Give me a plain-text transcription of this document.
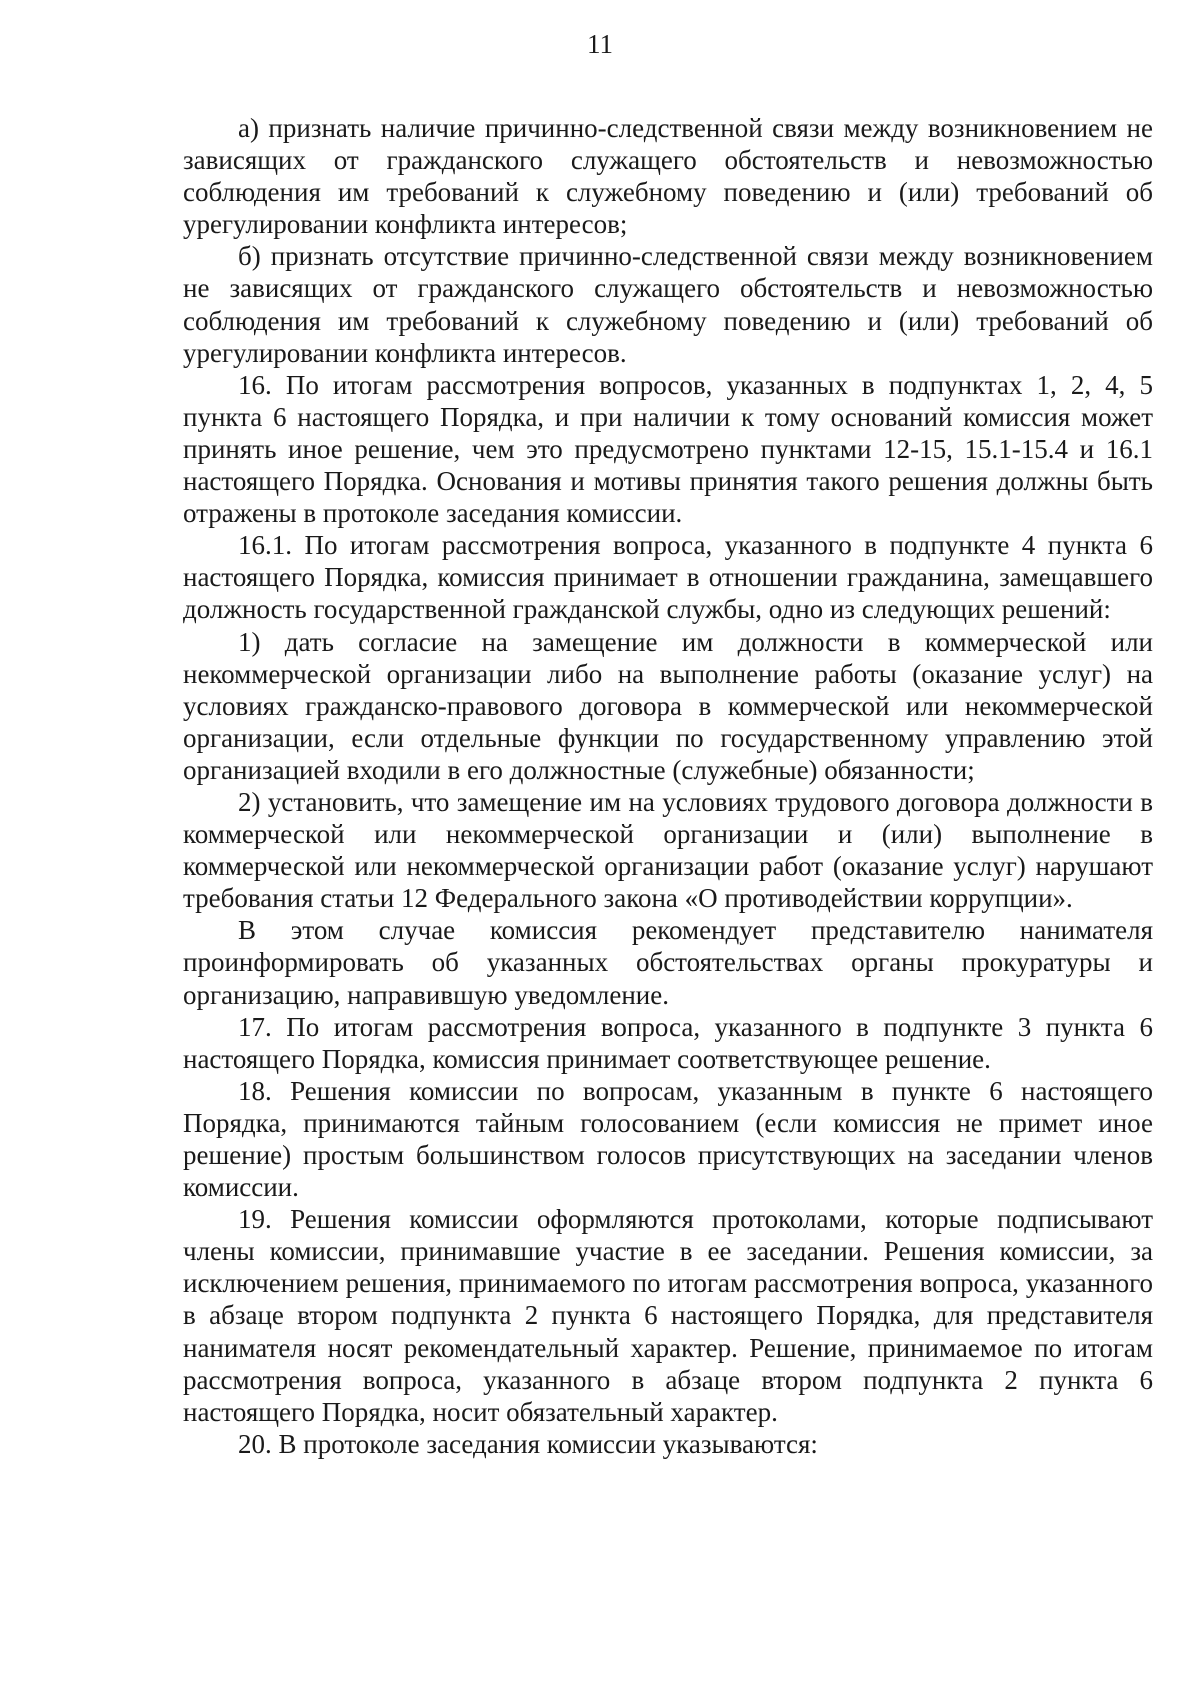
11

а) признать наличие причинно-следственной связи между возникновением не зависящих от гражданского служащего обстоятельств и невозможностью соблюдения им требований к служебному поведению и (или) требований об урегулировании конфликта интересов;

б) признать отсутствие причинно-следственной связи между возникновением не зависящих от гражданского служащего обстоятельств и невозможностью соблюдения им требований к служебному поведению и (или) требований об урегулировании конфликта интересов.

16. По итогам рассмотрения вопросов, указанных в подпунктах 1, 2, 4, 5 пункта 6 настоящего Порядка, и при наличии к тому оснований комиссия может принять иное решение, чем это предусмотрено пунктами 12-15, 15.1-15.4 и 16.1 настоящего Порядка. Основания и мотивы принятия такого решения должны быть отражены в протоколе заседания комиссии.

16.1. По итогам рассмотрения вопроса, указанного в подпункте 4 пункта 6 настоящего Порядка, комиссия принимает в отношении гражданина, замещавшего должность государственной гражданской службы, одно из следующих решений:

1) дать согласие на замещение им должности в коммерческой или некоммерческой организации либо на выполнение работы (оказание услуг) на условиях гражданско-правового договора в коммерческой или некоммерческой организации, если отдельные функции по государственному управлению этой организацией входили в его должностные (служебные) обязанности;

2) установить, что замещение им на условиях трудового договора должности в коммерческой или некоммерческой организации и (или) выполнение в коммерческой или некоммерческой организации работ (оказание услуг) нарушают требования статьи 12 Федерального закона «О противодействии коррупции».

В этом случае комиссия рекомендует представителю нанимателя проинформировать об указанных обстоятельствах органы прокуратуры и организацию, направившую уведомление.

17. По итогам рассмотрения вопроса, указанного в подпункте 3 пункта 6 настоящего Порядка, комиссия принимает соответствующее решение.

18. Решения комиссии по вопросам, указанным в пункте 6 настоящего Порядка, принимаются тайным голосованием (если комиссия не примет иное решение) простым большинством голосов присутствующих на заседании членов комиссии.

19. Решения комиссии оформляются протоколами, которые подписывают члены комиссии, принимавшие участие в ее заседании. Решения комиссии, за исключением решения, принимаемого по итогам рассмотрения вопроса, указанного в абзаце втором подпункта 2 пункта 6 настоящего Порядка, для представителя нанимателя носят рекомендательный характер. Решение, принимаемое по итогам рассмотрения вопроса, указанного в абзаце втором подпункта 2 пункта 6 настоящего Порядка, носит обязательный характер.

20. В протоколе заседания комиссии указываются:
